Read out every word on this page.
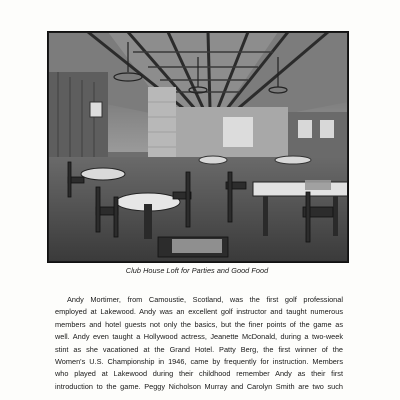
Club House Loft for Parties and Good Food
Andy Mortimer, from Camoustie, Scotland, was the first golf professional
employed at Lakewood. Andy was an excellent golf instructor and taught numerous
members and hotel guests not only the basics, but the finer points of the game as
well. Andy even taught a Hollywood actress, Jeanette McDonald, during a two-week
stint as she vacationed at the Grand Hotel. Patty Berg, the first winner of the
Women's U.S. Championship in 1946, came by frequently for instruction. Members
who played at Lakewood during their childhood remember Andy as their first
introduction to the game. Peggy Nicholson Murray and Carolyn Smith are two such
